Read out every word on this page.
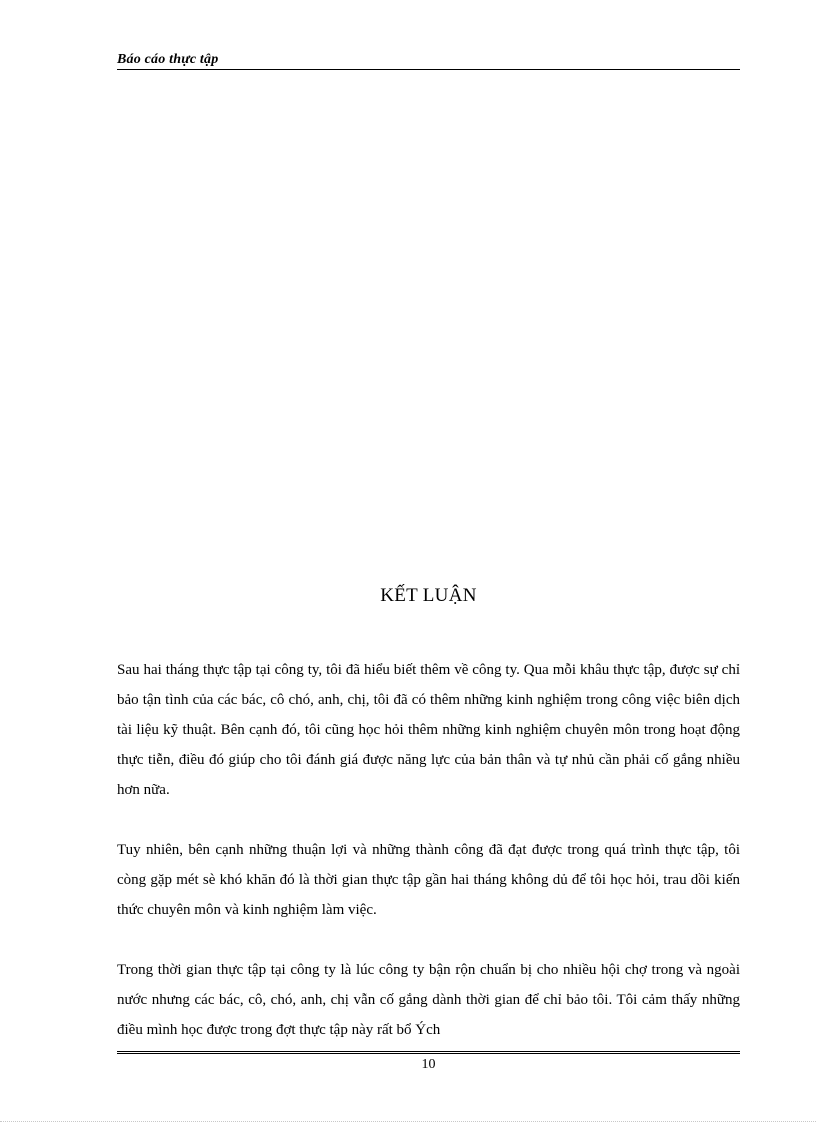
Báo cáo thực tập
KẾT LUẬN

Sau hai tháng thực tập tại công ty, tôi đã hiểu biết thêm về công ty. Qua mỗi khâu thực tập, được sự chỉ bảo tận tình của các bác, cô chó, anh, chị, tôi đã có thêm những kinh nghiệm trong công việc biên dịch tài liệu kỹ thuật. Bên cạnh đó, tôi cũng học hỏi thêm những kinh nghiệm chuyên môn trong hoạt động thực tiễn, điều đó giúp cho tôi đánh giá được năng lực của bản thân và tự nhủ cần phải cố gắng nhiều hơn nữa.

Tuy nhiên, bên cạnh những thuận lợi và những thành công đã đạt được trong quá trình thực tập, tôi còng gặp mét sè khó khăn đó là thời gian thực tập gần hai tháng không dủ để tôi học hỏi, trau dồi kiến thức chuyên môn và kinh nghiệm làm việc.

Trong thời gian thực tập tại công ty là lúc công ty bận rộn chuẩn bị cho nhiều hội chợ trong và ngoài nước nhưng các bác, cô, chó, anh, chị vẫn cố gắng dành thời gian để chỉ bảo tôi. Tôi cảm thấy những điều mình học được trong đợt thực tập này rất bổ Ých

10
